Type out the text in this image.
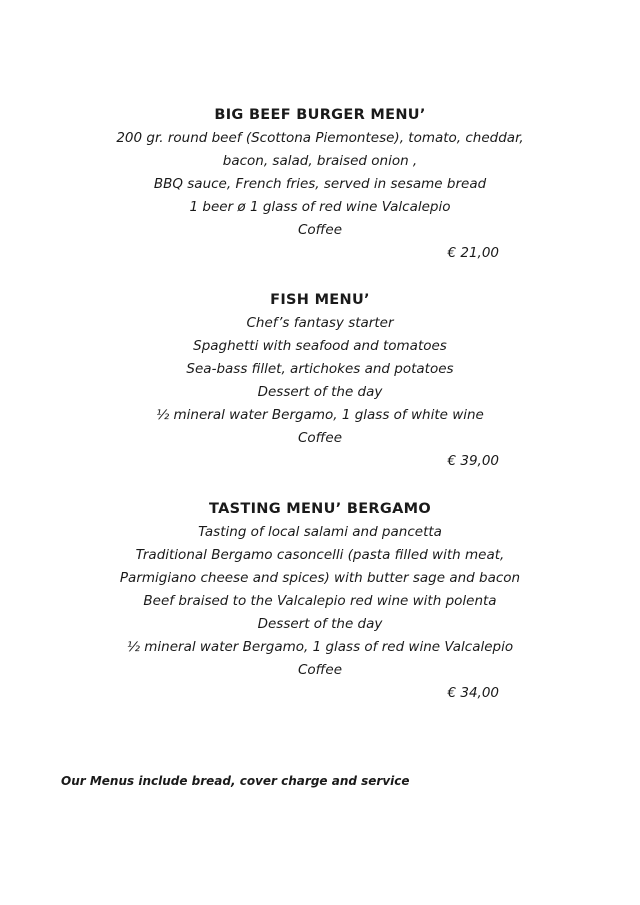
BIG BEEF BURGER MENU’
200 gr. round beef (Scottona Piemontese), tomato, cheddar,
bacon, salad, braised onion ,
BBQ sauce, French fries, served in sesame bread
1 beer ø 1 glass of red wine Valcalepio
Coffee
€ 21,00
FISH MENU’
Chef’s fantasy starter
Spaghetti with seafood and tomatoes
Sea-bass fillet, artichokes and potatoes
Dessert of the day
½ mineral water Bergamo, 1 glass of white wine
Coffee
€ 39,00
TASTING MENU’ BERGAMO
Tasting of local salami and pancetta
Traditional Bergamo casoncelli (pasta filled with meat,
Parmigiano cheese and spices) with butter sage and bacon
Beef braised to the Valcalepio red wine with polenta
Dessert of the day
½ mineral water Bergamo, 1 glass of red wine Valcalepio
Coffee
€ 34,00
Our Menus include bread, cover charge and service
